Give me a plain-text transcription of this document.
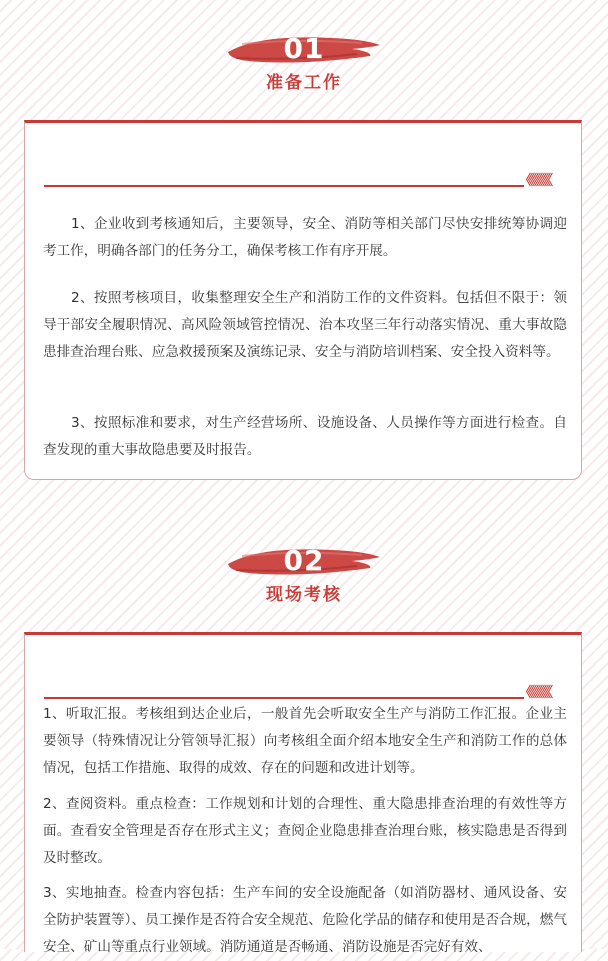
01
准备工作
《《《《《《
1、企业收到考核通知后，主要领导，安全、消防等相关部门尽快安排统筹协调迎考工作，明确各部门的任务分工，确保考核工作有序开展。
2、按照考核项目，收集整理安全生产和消防工作的文件资料。包括但不限于：领导干部安全履职情况、高风险领域管控情况、治本攻坚三年行动落实情况、重大事故隐患排查治理台账、应急救援预案及演练记录、安全与消防培训档案、安全投入资料等。
3、按照标准和要求，对生产经营场所、设施设备、人员操作等方面进行检查。自查发现的重大事故隐患要及时报告。
02
现场考核
《《《《《《
1、听取汇报。考核组到达企业后，一般首先会听取安全生产与消防工作汇报。企业主要领导（特殊情况让分管领导汇报）向考核组全面介绍本地安全生产和消防工作的总体情况，包括工作措施、取得的成效、存在的问题和改进计划等。
2、查阅资料。重点检查：工作规划和计划的合理性、重大隐患排查治理的有效性等方面。查看安全管理是否存在形式主义；查阅企业隐患排查治理台账，核实隐患是否得到及时整改。
3、实地抽查。检查内容包括：生产车间的安全设施配备（如消防器材、通风设备、安全防护装置等）、员工操作是否符合安全规范、危险化学品的储存和使用是否合规，燃气安全、矿山等重点行业领域。消防通道是否畅通、消防设施是否完好有效、
